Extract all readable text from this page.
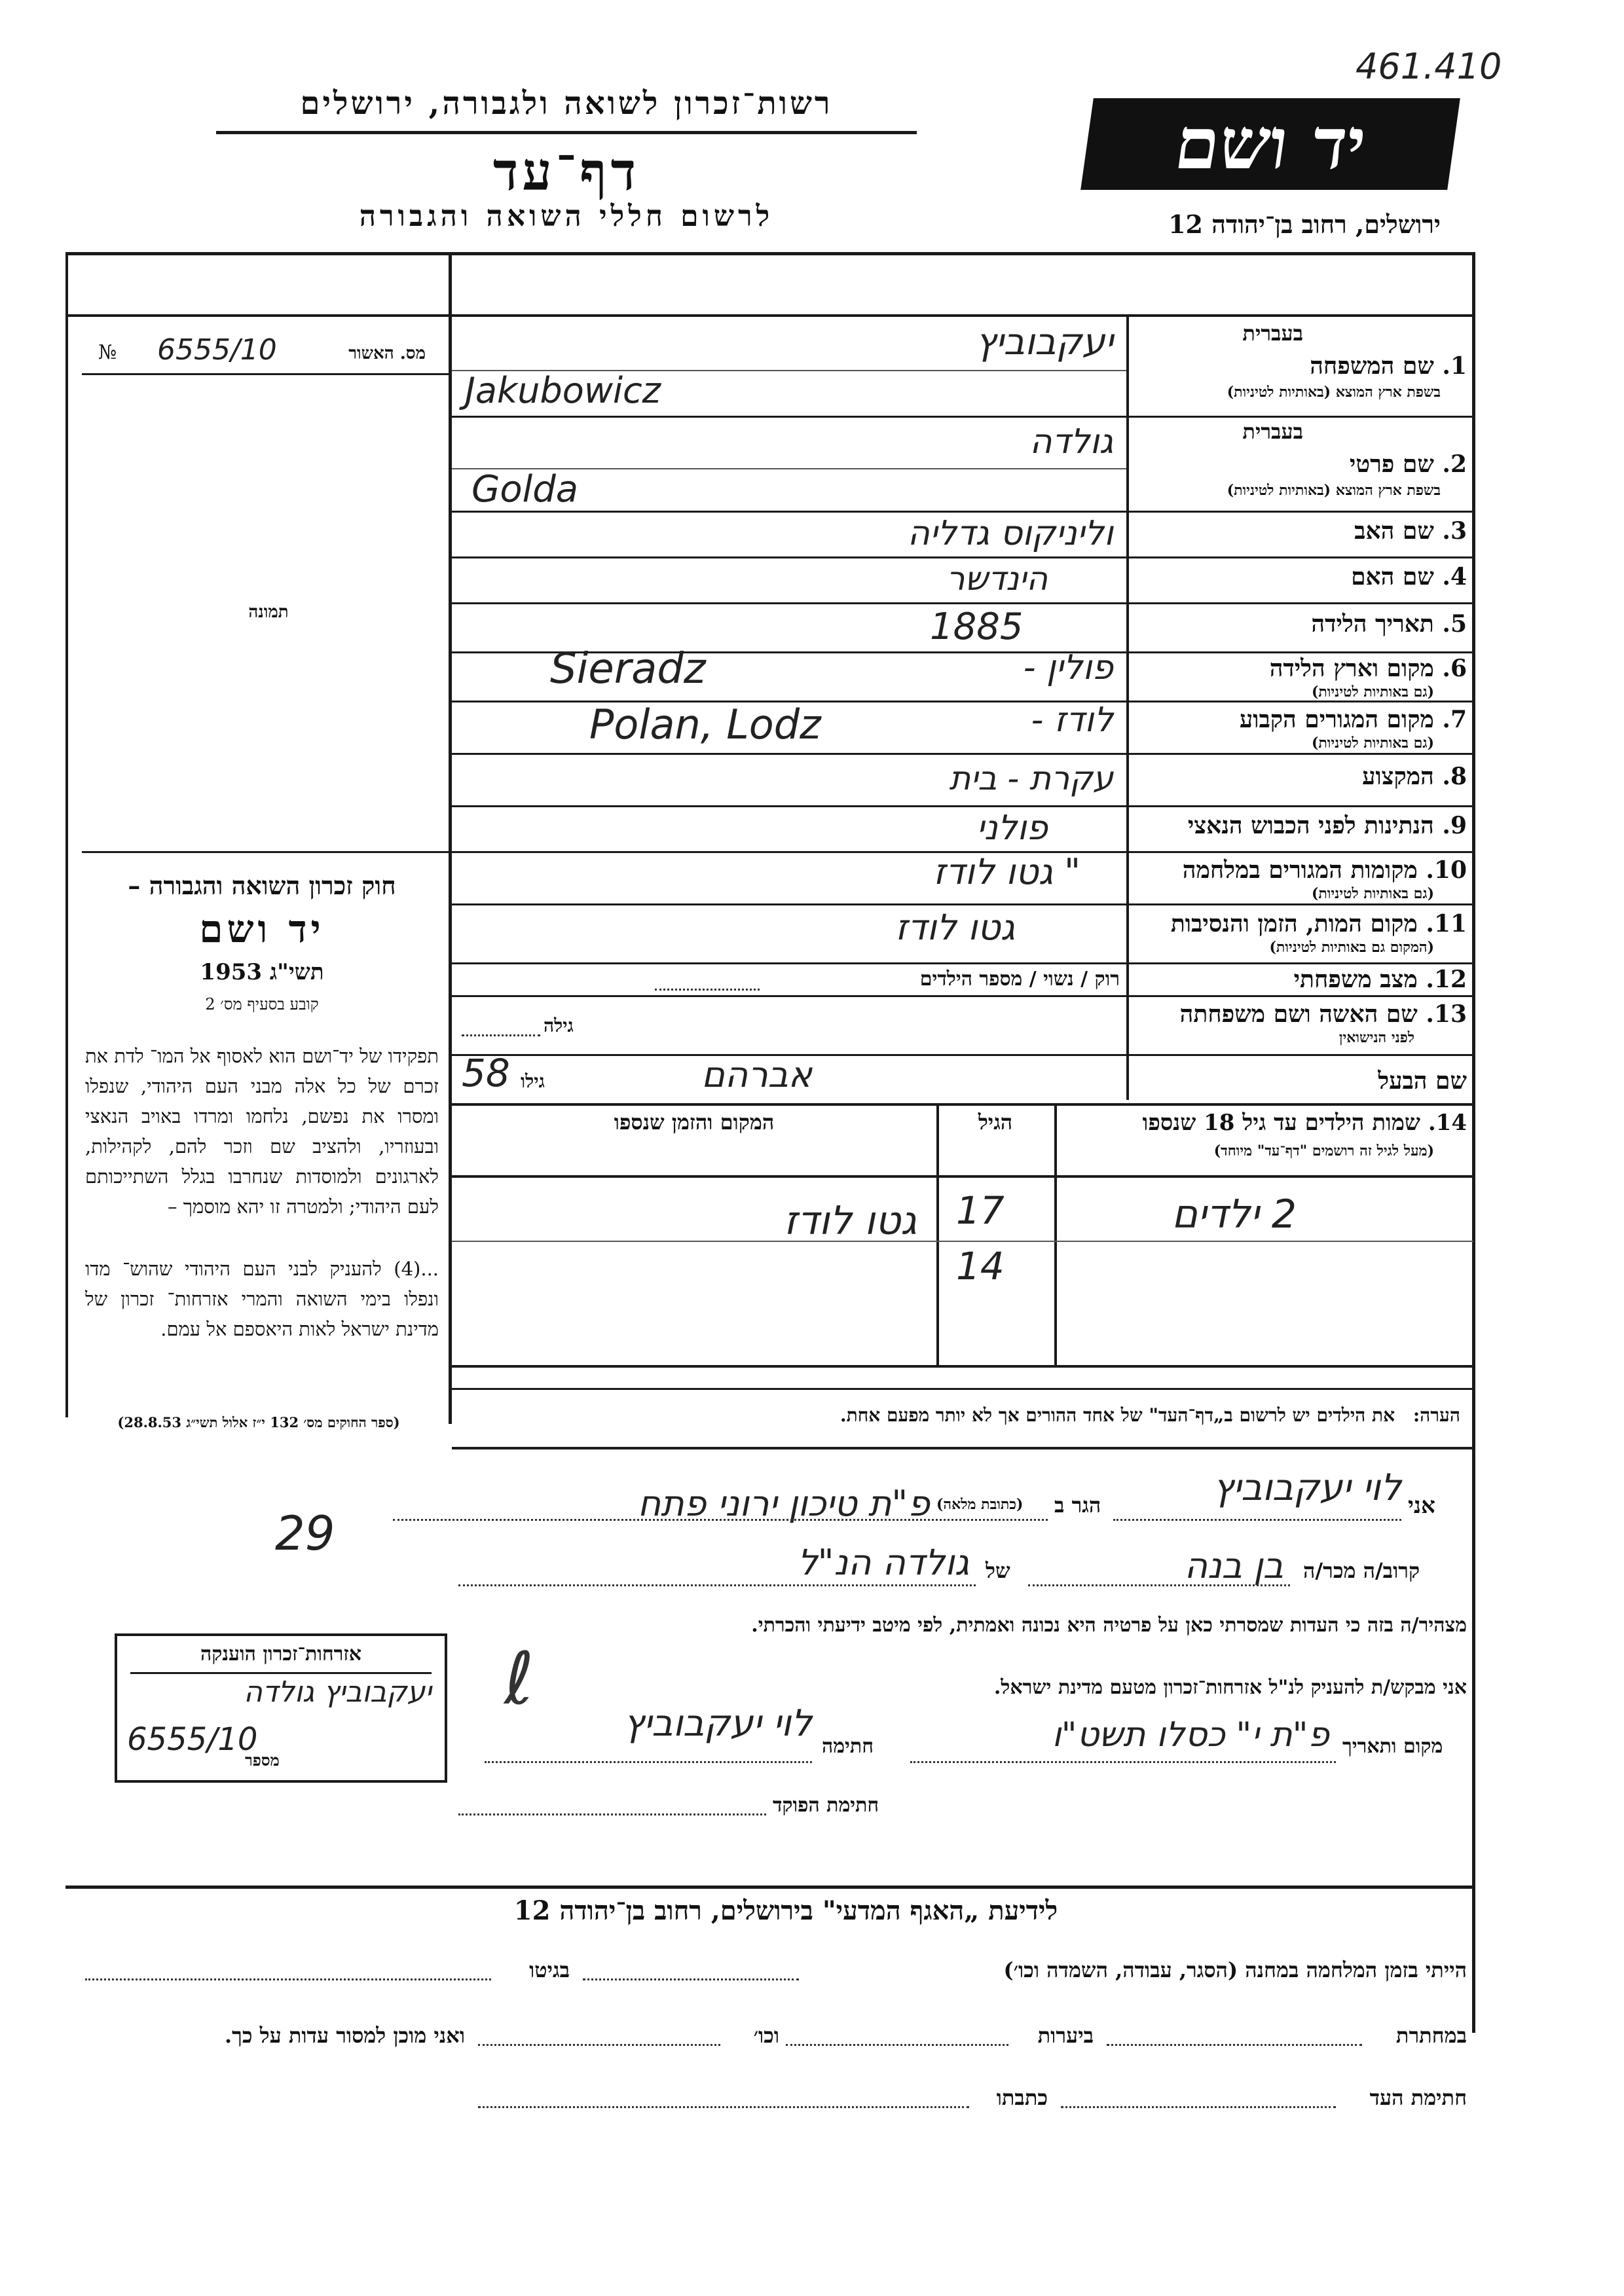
461.410
רשות־זכרון לשואה ולגבורה, ירושלים
דף־עד
לרשום חללי השואה והגבורה
יד ושם
ירושלים, רחוב בן־יהודה 12
מס. האשור
6555/10
№
תמונה
חוק זכרון השואה והגבורה –
יד ושם
תשי"ג 1953
קובע בסעיף מס׳ 2
תפקידו של יד־ושם הוא לאסוף אל המו־ לדת את זכרם של כל אלה מבני העם היהודי, שנפלו ומסרו את נפשם, נלחמו ומרדו באויב הנאצי ובעוזריו, ולהציב שם וזכר להם, לקהילות, לארגונים ולמוסדות שנחרבו בגלל השתייכותם לעם היהודי; ולמטרה זו יהא מוסמך –
...(4) להעניק לבני העם היהודי שהוש־ מדו ונפלו בימי השואה והמרי אזרחות־ זכרון של מדינת ישראל לאות היאספם אל עמם.
(ספר החוקים מס׳ 132 י״ז אלול תשי״ג 28.8.53)
בעברית
1. שם המשפחה
בשפת ארץ המוצא (באותיות לטיניות)
יעקבוביץ
Jakubowicz
בעברית
2. שם פרטי
בשפת ארץ המוצא (באותיות לטיניות)
גולדה
Golda
3. שם האב
וליניקוס גדליה
4. שם האם
הינדשר
5. תאריך הלידה
1885
6. מקום וארץ הלידה
(גם באותיות לטיניות)
פולין -
Sieradz
7. מקום המגורים הקבוע
(גם באותיות לטיניות)
לודז -
Polan, Lodz
8. המקצוע
עקרת - בית
9. הנתינות לפני הכבוש הנאצי
פולני
10. מקומות המגורים במלחמה
(גם באותיות לטיניות)
" גטו לודז
11. מקום המות, הזמן והנסיבות
(המקום גם באותיות לטיניות)
גטו לודז
12. מצב משפחתי
רוק / נשוי / מספר הילדים
13. שם האשה ושם משפחתה
לפני הנישואין
גילה
שם הבעל
אברהם
גילו
58
14. שמות הילדים עד גיל 18 שנספו
(מעל לגיל זה רושמים "דף־עד" מיוחד)
הגיל
המקום והזמן שנספו
2 ילדים
17
14
גטו לודז
הערה: את הילדים יש לרשום ב„דף־העד" של אחד ההורים אך לא יותר מפעם אחת.
אני
לוי יעקבוביץ
הגר ב
(כתובת מלאה)
פ"ת טיכון ירוני פתח
29
קרוב/ה מכר/ה
בן בנה
של
גולדה הנ"ל
מצהיר/ה בזה כי העדות שמסרתי כאן על פרטיה היא נכונה ואמתית, לפי מיטב ידיעתי והכרתי.
אני מבקש/ת להעניק לנ"ל אזרחות־זכרון מטעם מדינת ישראל.
מקום ותאריך
פ"ת י" כסלו תשט"ו
חתימה
לוי יעקבוביץ
ℓ
חתימת הפוקד
אזרחות־זכרון הוענקה
יעקבוביץ גולדה
6555/10
מספר
לידיעת „האגף המדעי" בירושלים, רחוב בן־יהודה 12
הייתי בזמן המלחמה במחנה (הסגר, עבודה, השמדה וכו׳)
בגיטו
במחתרת
ביערות
וכו׳
ואני מוכן למסור עדות על כך.
חתימת העד
כתבתו
